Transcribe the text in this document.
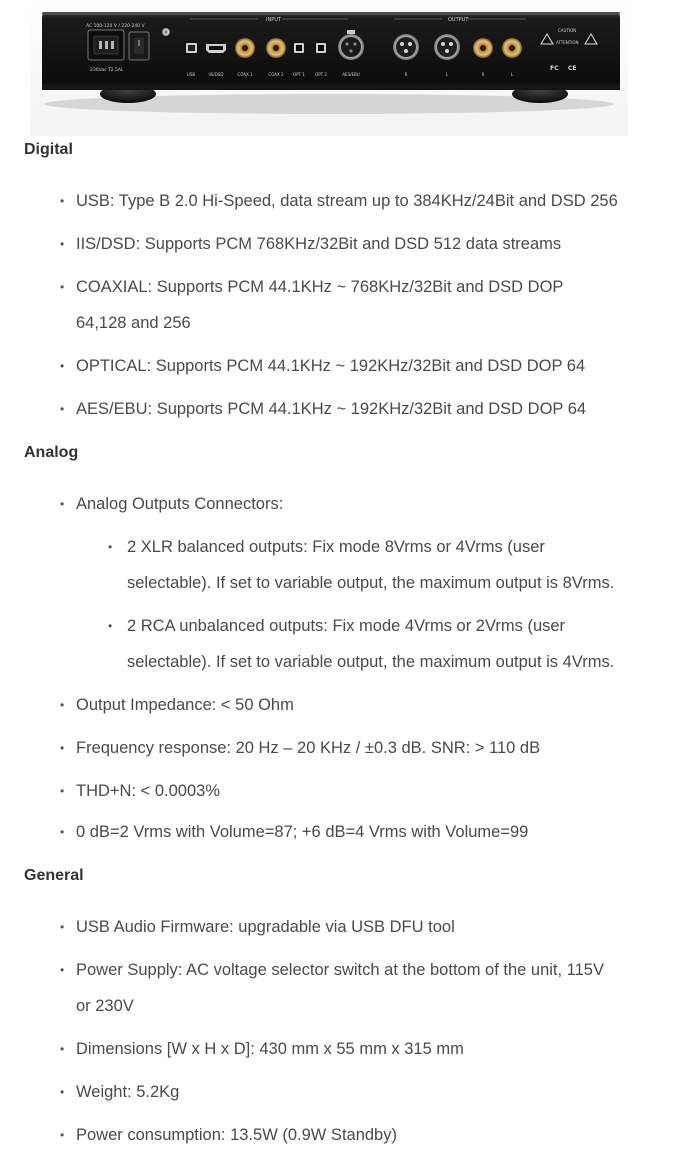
INPUT	OUTPUT
AC 100-120 V / 220-240 V
230Vac T2.5AL
CAUTION
ATTENTION
FC CE
USB	IIS/DSD	COAX 1	COAX 2 OPT 1	OPT 2	AES/EBU	R	L	R	L
Digital
• USB: Type B 2.0 Hi-Speed, data stream up to 384KHz/24Bit and DSD 256
• IIS/DSD: Supports PCM 768KHz/32Bit and DSD 512 data streams
• COAXIAL: Supports PCM 44.1KHz ~ 768KHz/32Bit and DSD DOP 64,128 and 256
• OPTICAL: Supports PCM 44.1KHz ~ 192KHz/32Bit and DSD DOP 64
• AES/EBU: Supports PCM 44.1KHz ~ 192KHz/32Bit and DSD DOP 64
Analog
• Analog Outputs Connectors:
• 2 XLR balanced outputs: Fix mode 8Vrms or 4Vrms (user selectable). If set to variable output, the maximum output is 8Vrms.
• 2 RCA unbalanced outputs: Fix mode 4Vrms or 2Vrms (user selectable). If set to variable output, the maximum output is 4Vrms.
• Output Impedance: < 50 Ohm
• Frequency response: 20 Hz – 20 KHz / ±0.3 dB. SNR: > 110 dB
• THD+N: < 0.0003%
• 0 dB=2 Vrms with Volume=87; +6 dB=4 Vrms with Volume=99
General
• USB Audio Firmware: upgradable via USB DFU tool
• Power Supply: AC voltage selector switch at the bottom of the unit, 115V or 230V
• Dimensions [W x H x D]: 430 mm x 55 mm x 315 mm
• Weight: 5.2Kg
• Power consumption: 13.5W (0.9W Standby)
